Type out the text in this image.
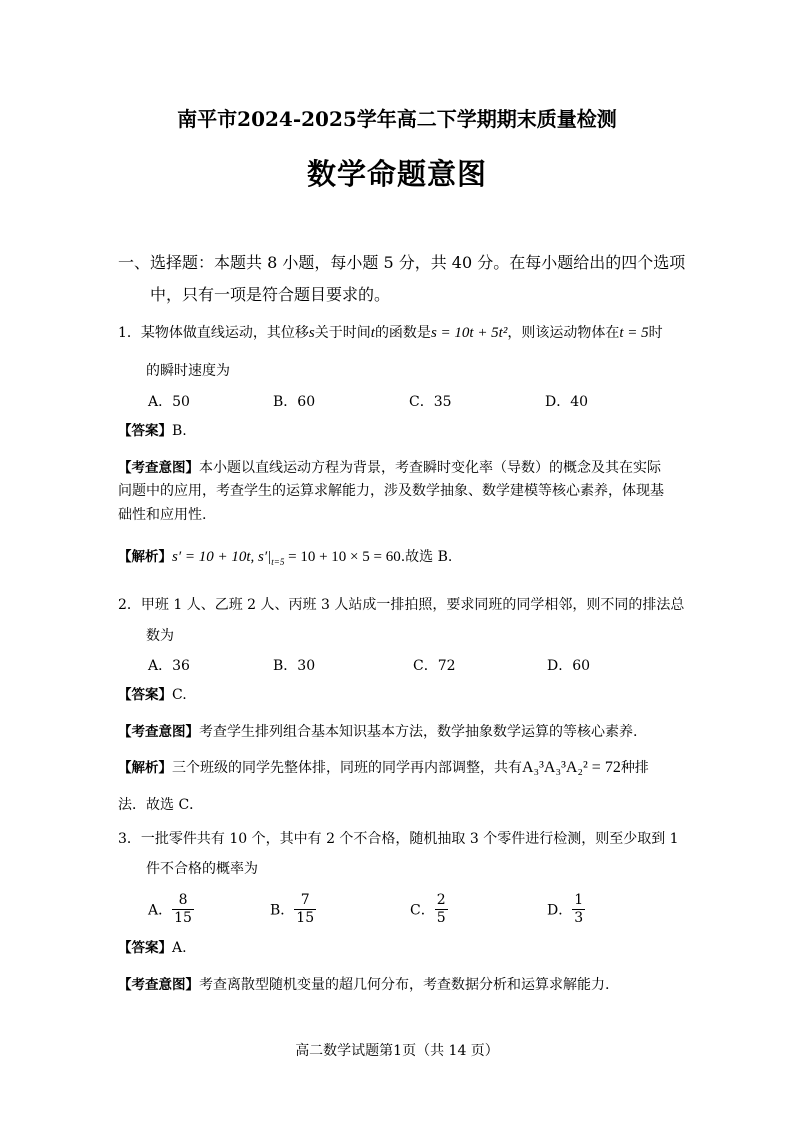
南平市2024-2025学年高二下学期期末质量检测
数学命题意图
一、选择题：本题共 8 小题，每小题 5 分，共 40 分。在每小题给出的四个选项
中，只有一项是符合题目要求的。
1．某物体做直线运动，其位移s关于时间t的函数是s = 10t + 5t²，则该运动物体在t = 5时
的瞬时速度为
A．50	B．60	C．35	D．40
【答案】B.
【考查意图】本小题以直线运动方程为背景，考查瞬时变化率（导数）的概念及其在实际
问题中的应用，考查学生的运算求解能力，涉及数学抽象、数学建模等核心素养，体现基
础性和应用性.
【解析】s′ = 10 + 10t, $s'|_{t=5} = 10 + 10 \times 5 = 60$.故选 B.
2．甲班 1 人、乙班 2 人、丙班 3 人站成一排拍照，要求同班的同学相邻，则不同的排法总
数为
A．36	B．30	C．72	D．60
【答案】C.
【考查意图】考查学生排列组合基本知识基本方法，数学抽象数学运算的等核心素养.
【解析】三个班级的同学先整体排，同班的同学再内部调整，共有A₃³A₃³A₂² = 72种排
法．故选 C．
3．一批零件共有 10 个，其中有 2 个不合格，随机抽取 3 个零件进行检测，则至少取到 1
件不合格的概率为
A． $\frac{8}{15}$	B． $\frac{7}{15}$	C． $\frac{2}{5}$	D． $\frac{1}{3}$
【答案】A.
【考查意图】考查离散型随机变量的超几何分布，考查数据分析和运算求解能力.
高二数学试题第1页（共 14 页）
